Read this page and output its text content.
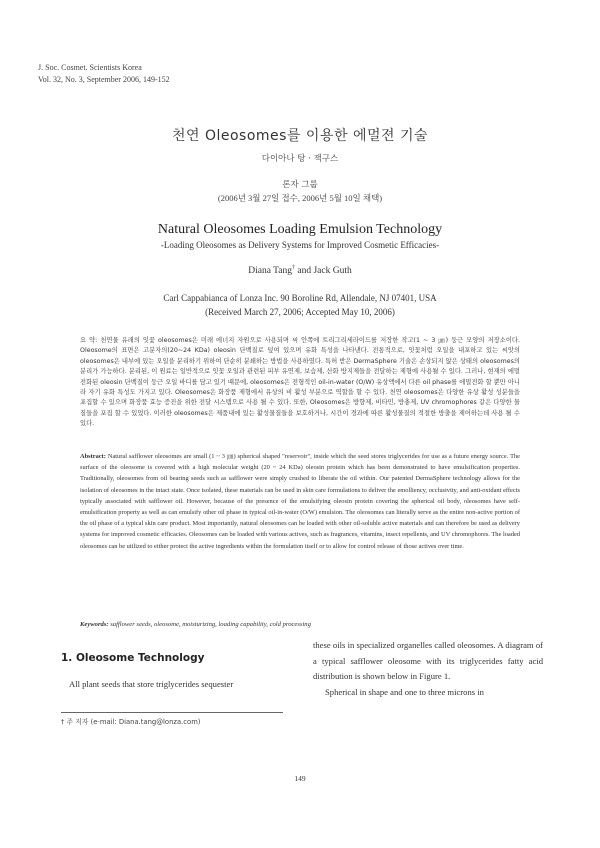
J. Soc. Cosmet. Scientists Korea
Vol. 32, No. 3, September 2006, 149-152
천연 Oleosomes를 이용한 에멀젼 기술
다이아나 탕 · 잭구스
론자 그룹
(2006년 3월 27일 접수, 2006년 5월 10일 채택)
Natural Oleosomes Loading Emulsion Technology
-Loading Oleosomes as Delivery Systems for Improved Cosmetic Efficacies-
Diana Tang† and Jack Guth
Carl Cappabianca of Lonza Inc. 90 Boroline Rd, Allendale, NJ 07401, USA
(Received March 27, 2006; Accepted May 10, 2006)
요 약: 천연물 유래의 잇꽃 oleosomes은 미래 에너지 자원으로 사용되며 씨 안쪽에 트리그리세라이드를 저장한 작고(1 ~ 3 ㎛) 둥근 모양의 저장소이다. Oleosome의 표면은 고분자의(20~24 KDa) oleosin 단백질로 덮여 있으며 유화 특성을 나타낸다. 전통적으로, 잇꽃처럼 오일을 내포하고 있는 씨앗의 oleosomes은 내부에 있는 오일을 분리하기 위하여 단순히 분쇄하는 방법을 사용하였다. 특허 받은 DermaSphere 기술은 손상되지 않은 상태의 oleosomes의 분리가 가능하다. 분리된, 이 원료는 일반적으로 잇꽃 오일과 관련된 피부 유연제, 보습제, 산화 방지제들을 전달하는 제형에 사용될 수 있다. 그러나, 현재의 에멀전화된 oleosin 단백질이 둥근 오일 바디를 담고 있기 때문에, oleosomes은 전형적인 oil-in-water (O/W) 유상액에서 다른 oil phase를 에멀전화 할 뿐만 아니라 자기 유화 특성도 가지고 있다. Oleosomes은 화장품 제형에서 유상의 비 활성 부분으로 역할을 할 수 있다. 천연 oleosomes은 다양한 유상 활성 성분들을 포집할 수 있으며 화장품 효능 증진을 위한 전달 시스템으로 사용 될 수 있다. 또한, Oleosomes은 방향제, 비타민, 방충제, UV chromophores 같은 다양한 물질들을 포집 할 수 있었다. 이러한 oleosomes은 제품내에 있는 활성물질들을 보호하거나, 시간이 경과에 따른 활성물질의 적절한 방출을 제어하는데 사용 될 수 있다.
Abstract: Natural safflower oleosomes are small (1 ~ 3 ㎛) spherical shaped "reservoir", inside which the seed stores triglycerides for use as a future energy source. The surface of the oleosome is covered with a high molecular weight (20 ~ 24 KDa) oleosin protein which has been demonstrated to have emulsification properties. Traditionally, oleosomes from oil bearing seeds such as safflower were simply crushed to liberate the oil within. Our patented DermaSphere technology allows for the isolation of oleosomes in the intact state. Once isolated, these materials can be used in skin care formulations to deliver the emolliency, occlusivity, and anti-oxidant effects typically associated with safflower oil. However, because of the presence of the emulsifying oleosin protein covering the spherical oil body, oleosomes have self-emulsification property as well as can emulsify other oil phase in typical oil-in-water (O/W) emulsion. The oleosomes can literally serve as the entire non-active portion of the oil phase of a typical skin care product. Most importantly, natural oleosomes can be loaded with other oil-soluble active materials and can therefore be used as delivery systems for improved cosmetic efficacies. Oleosomes can be loaded with various actives, such as fragrances, vitamins, insect repellents, and UV chromophores. The loaded oleosomes can be utilized to either protect the active ingredients within the formulation itself or to allow for control release of those actives over time.
Keywords: safflower seeds, oleosome, moisturizing, loading capability, cold processing
1. Oleosome Technology
All plant seeds that store triglycerides sequester
these oils in specialized organelles called oleosomes. A diagram of a typical safflower oleosome with its triglycerides fatty acid distribution is shown below in Figure 1.
Spherical in shape and one to three microns in
† 주 저자 (e-mail: Diana.tang@lonza.com)
149
